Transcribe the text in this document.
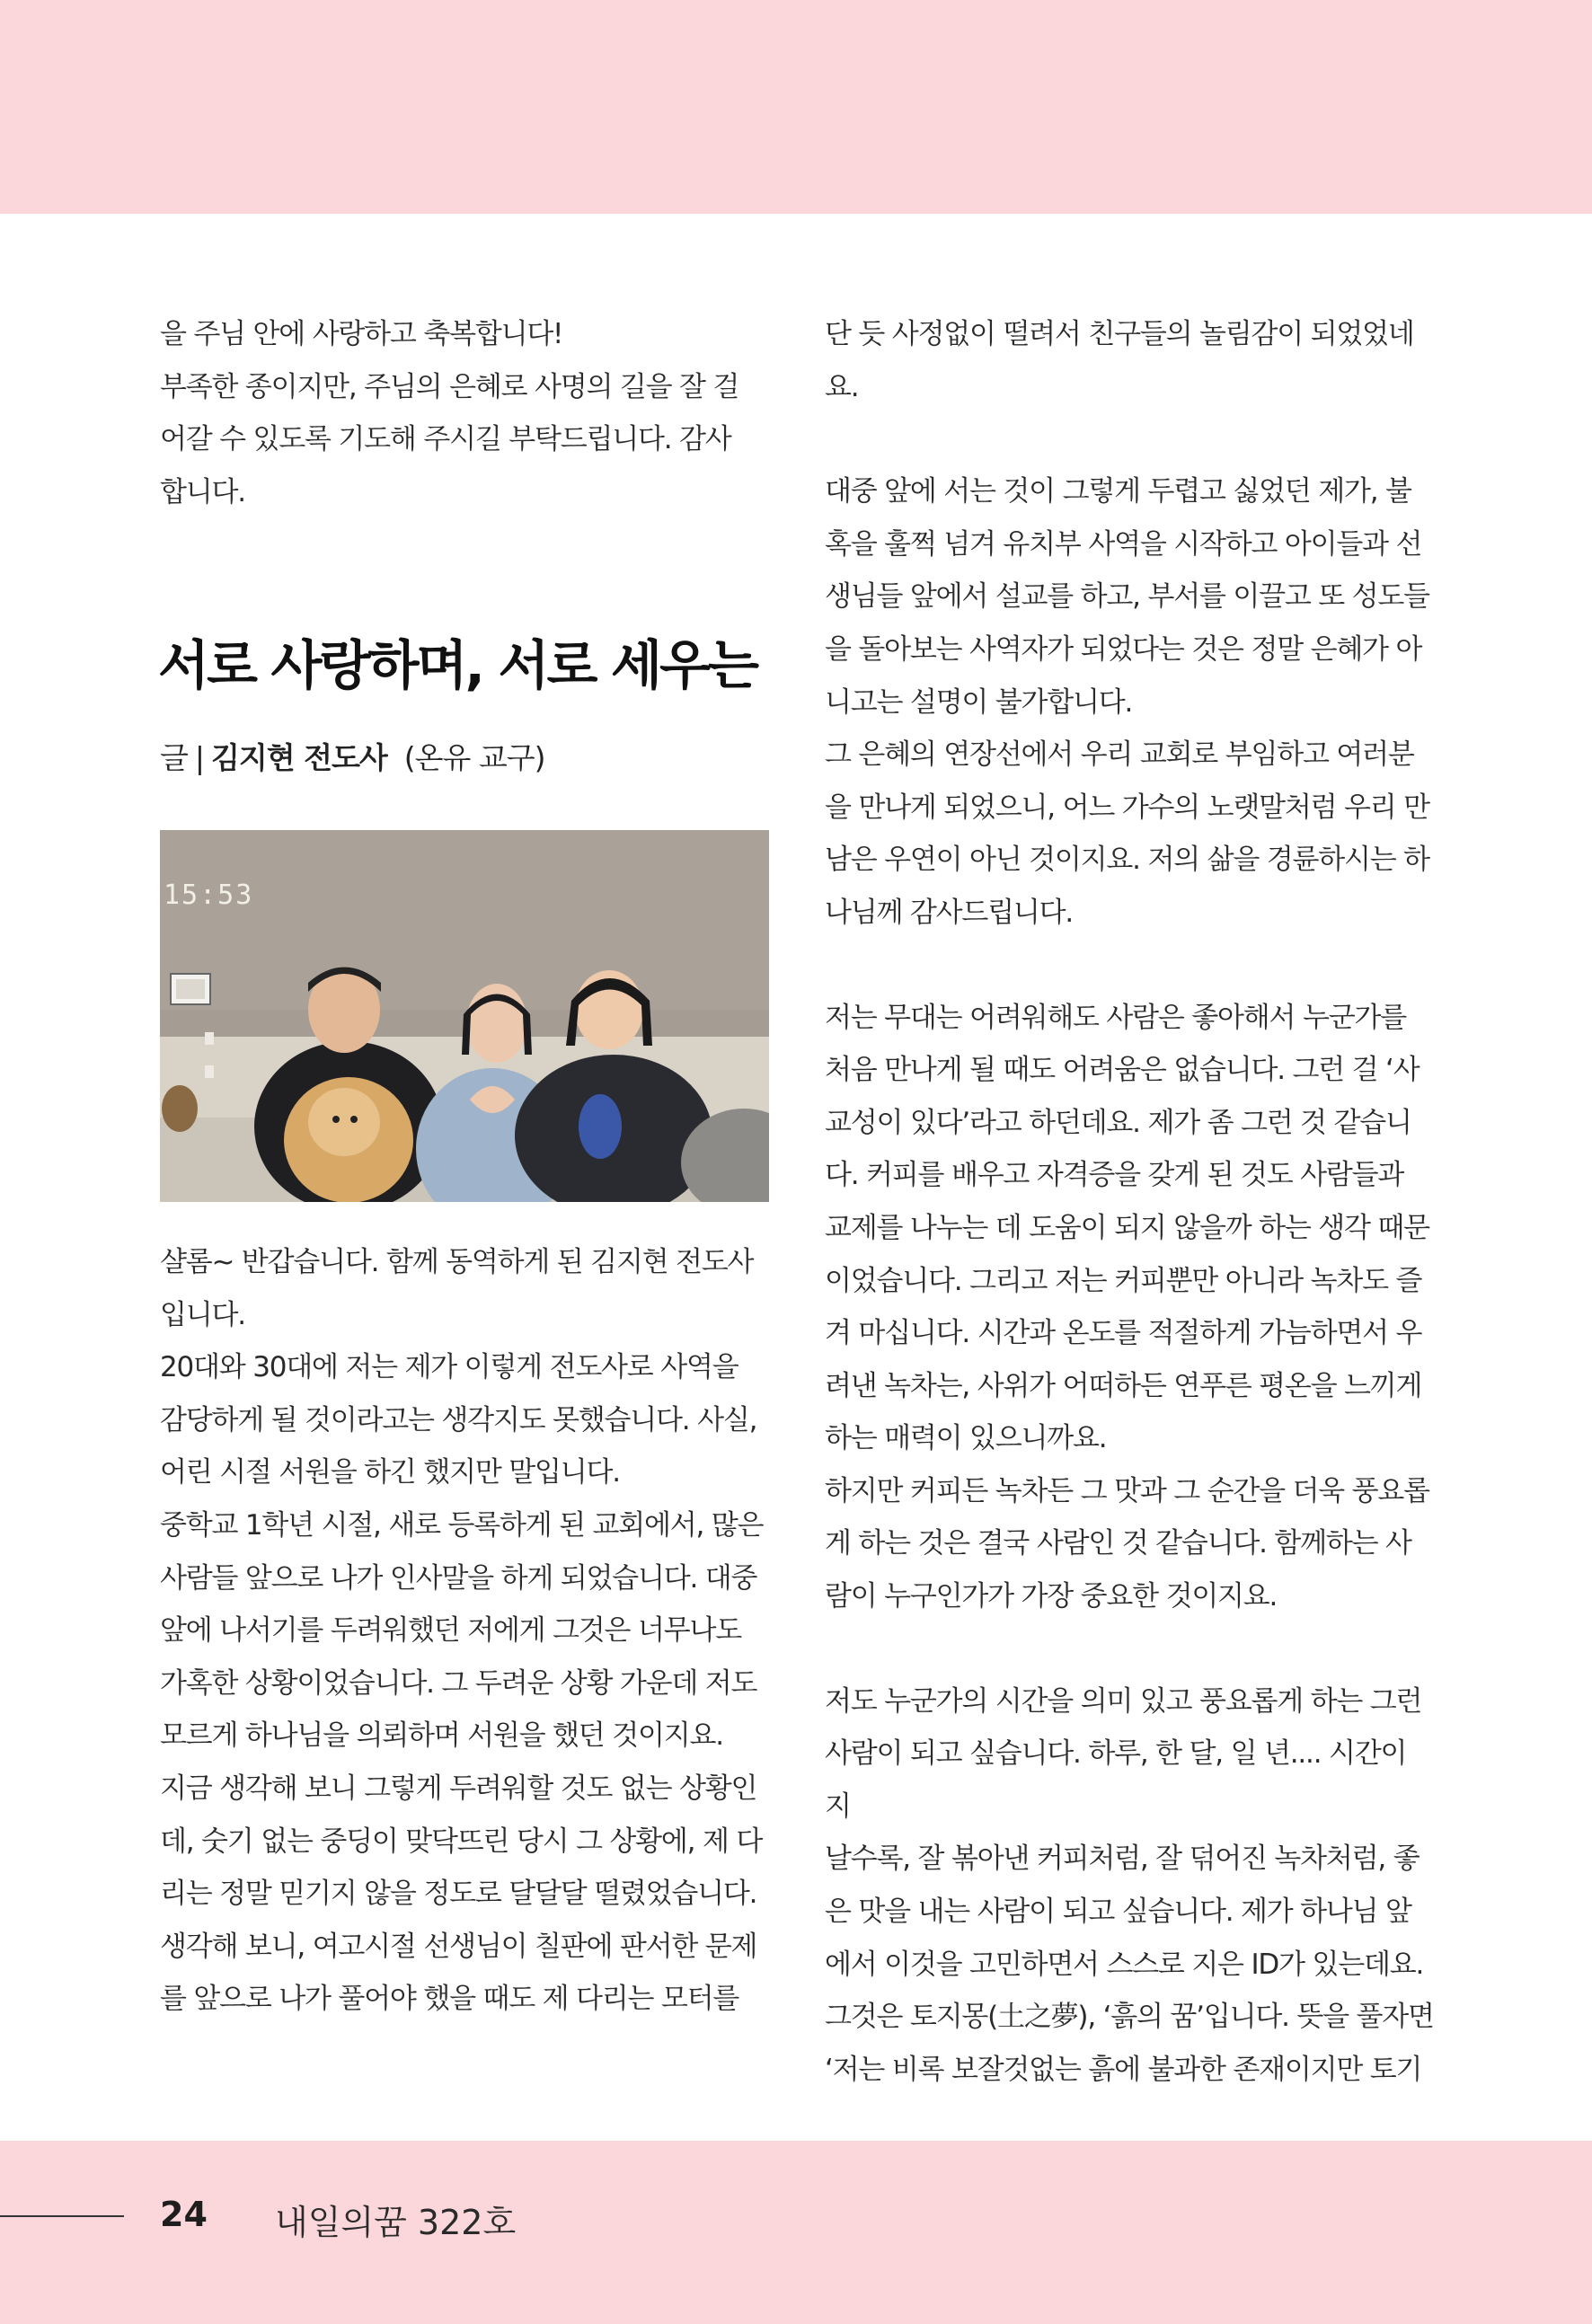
을 주님 안에 사랑하고 축복합니다!

부족한 종이지만, 주님의 은혜로 사명의 길을 잘 걸

어갈 수 있도록 기도해 주시길 부탁드립니다. 감사

합니다.

서로 사랑하며, 서로 세우는
글 | 김지현 전도사 (온유 교구)
15:53

샬롬~ 반갑습니다. 함께 동역하게 된 김지현 전도사

입니다.

20대와 30대에 저는 제가 이렇게 전도사로 사역을

감당하게 될 것이라고는 생각지도 못했습니다. 사실,

어린 시절 서원을 하긴 했지만 말입니다.

중학교 1학년 시절, 새로 등록하게 된 교회에서, 많은

사람들 앞으로 나가 인사말을 하게 되었습니다. 대중

앞에 나서기를 두려워했던 저에게 그것은 너무나도

가혹한 상황이었습니다. 그 두려운 상황 가운데 저도

모르게 하나님을 의뢰하며 서원을 했던 것이지요.

지금 생각해 보니 그렇게 두려워할 것도 없는 상황인

데, 숫기 없는 중딩이 맞닥뜨린 당시 그 상황에, 제 다

리는 정말 믿기지 않을 정도로 달달달 떨렸었습니다.

생각해 보니, 여고시절 선생님이 칠판에 판서한 문제

를 앞으로 나가 풀어야 했을 때도 제 다리는 모터를

단 듯 사정없이 떨려서 친구들의 놀림감이 되었었네

요.

대중 앞에 서는 것이 그렇게 두렵고 싫었던 제가, 불

혹을 훌쩍 넘겨 유치부 사역을 시작하고 아이들과 선

생님들 앞에서 설교를 하고, 부서를 이끌고 또 성도들

을 돌아보는 사역자가 되었다는 것은 정말 은혜가 아

니고는 설명이 불가합니다.

그 은혜의 연장선에서 우리 교회로 부임하고 여러분

을 만나게 되었으니, 어느 가수의 노랫말처럼 우리 만

남은 우연이 아닌 것이지요. 저의 삶을 경륜하시는 하

나님께 감사드립니다.

저는 무대는 어려워해도 사람은 좋아해서 누군가를

처음 만나게 될 때도 어려움은 없습니다. 그런 걸 ‘사

교성이 있다’라고 하던데요. 제가 좀 그런 것 같습니

다. 커피를 배우고 자격증을 갖게 된 것도 사람들과

교제를 나누는 데 도움이 되지 않을까 하는 생각 때문

이었습니다. 그리고 저는 커피뿐만 아니라 녹차도 즐

겨 마십니다. 시간과 온도를 적절하게 가늠하면서 우

려낸 녹차는, 사위가 어떠하든 연푸른 평온을 느끼게

하는 매력이 있으니까요.

하지만 커피든 녹차든 그 맛과 그 순간을 더욱 풍요롭

게 하는 것은 결국 사람인 것 같습니다. 함께하는 사

람이 누구인가가 가장 중요한 것이지요.

저도 누군가의 시간을 의미 있고 풍요롭게 하는 그런

사람이 되고 싶습니다. 하루, 한 달, 일 년.... 시간이 지

날수록, 잘 볶아낸 커피처럼, 잘 덖어진 녹차처럼, 좋

은 맛을 내는 사람이 되고 싶습니다. 제가 하나님 앞

에서 이것을 고민하면서 스스로 지은 ID가 있는데요.

그것은 토지몽(土之夢), ‘흙의 꿈’입니다. 뜻을 풀자면

‘저는 비록 보잘것없는 흙에 불과한 존재이지만 토기

24 내일의꿈 322호
